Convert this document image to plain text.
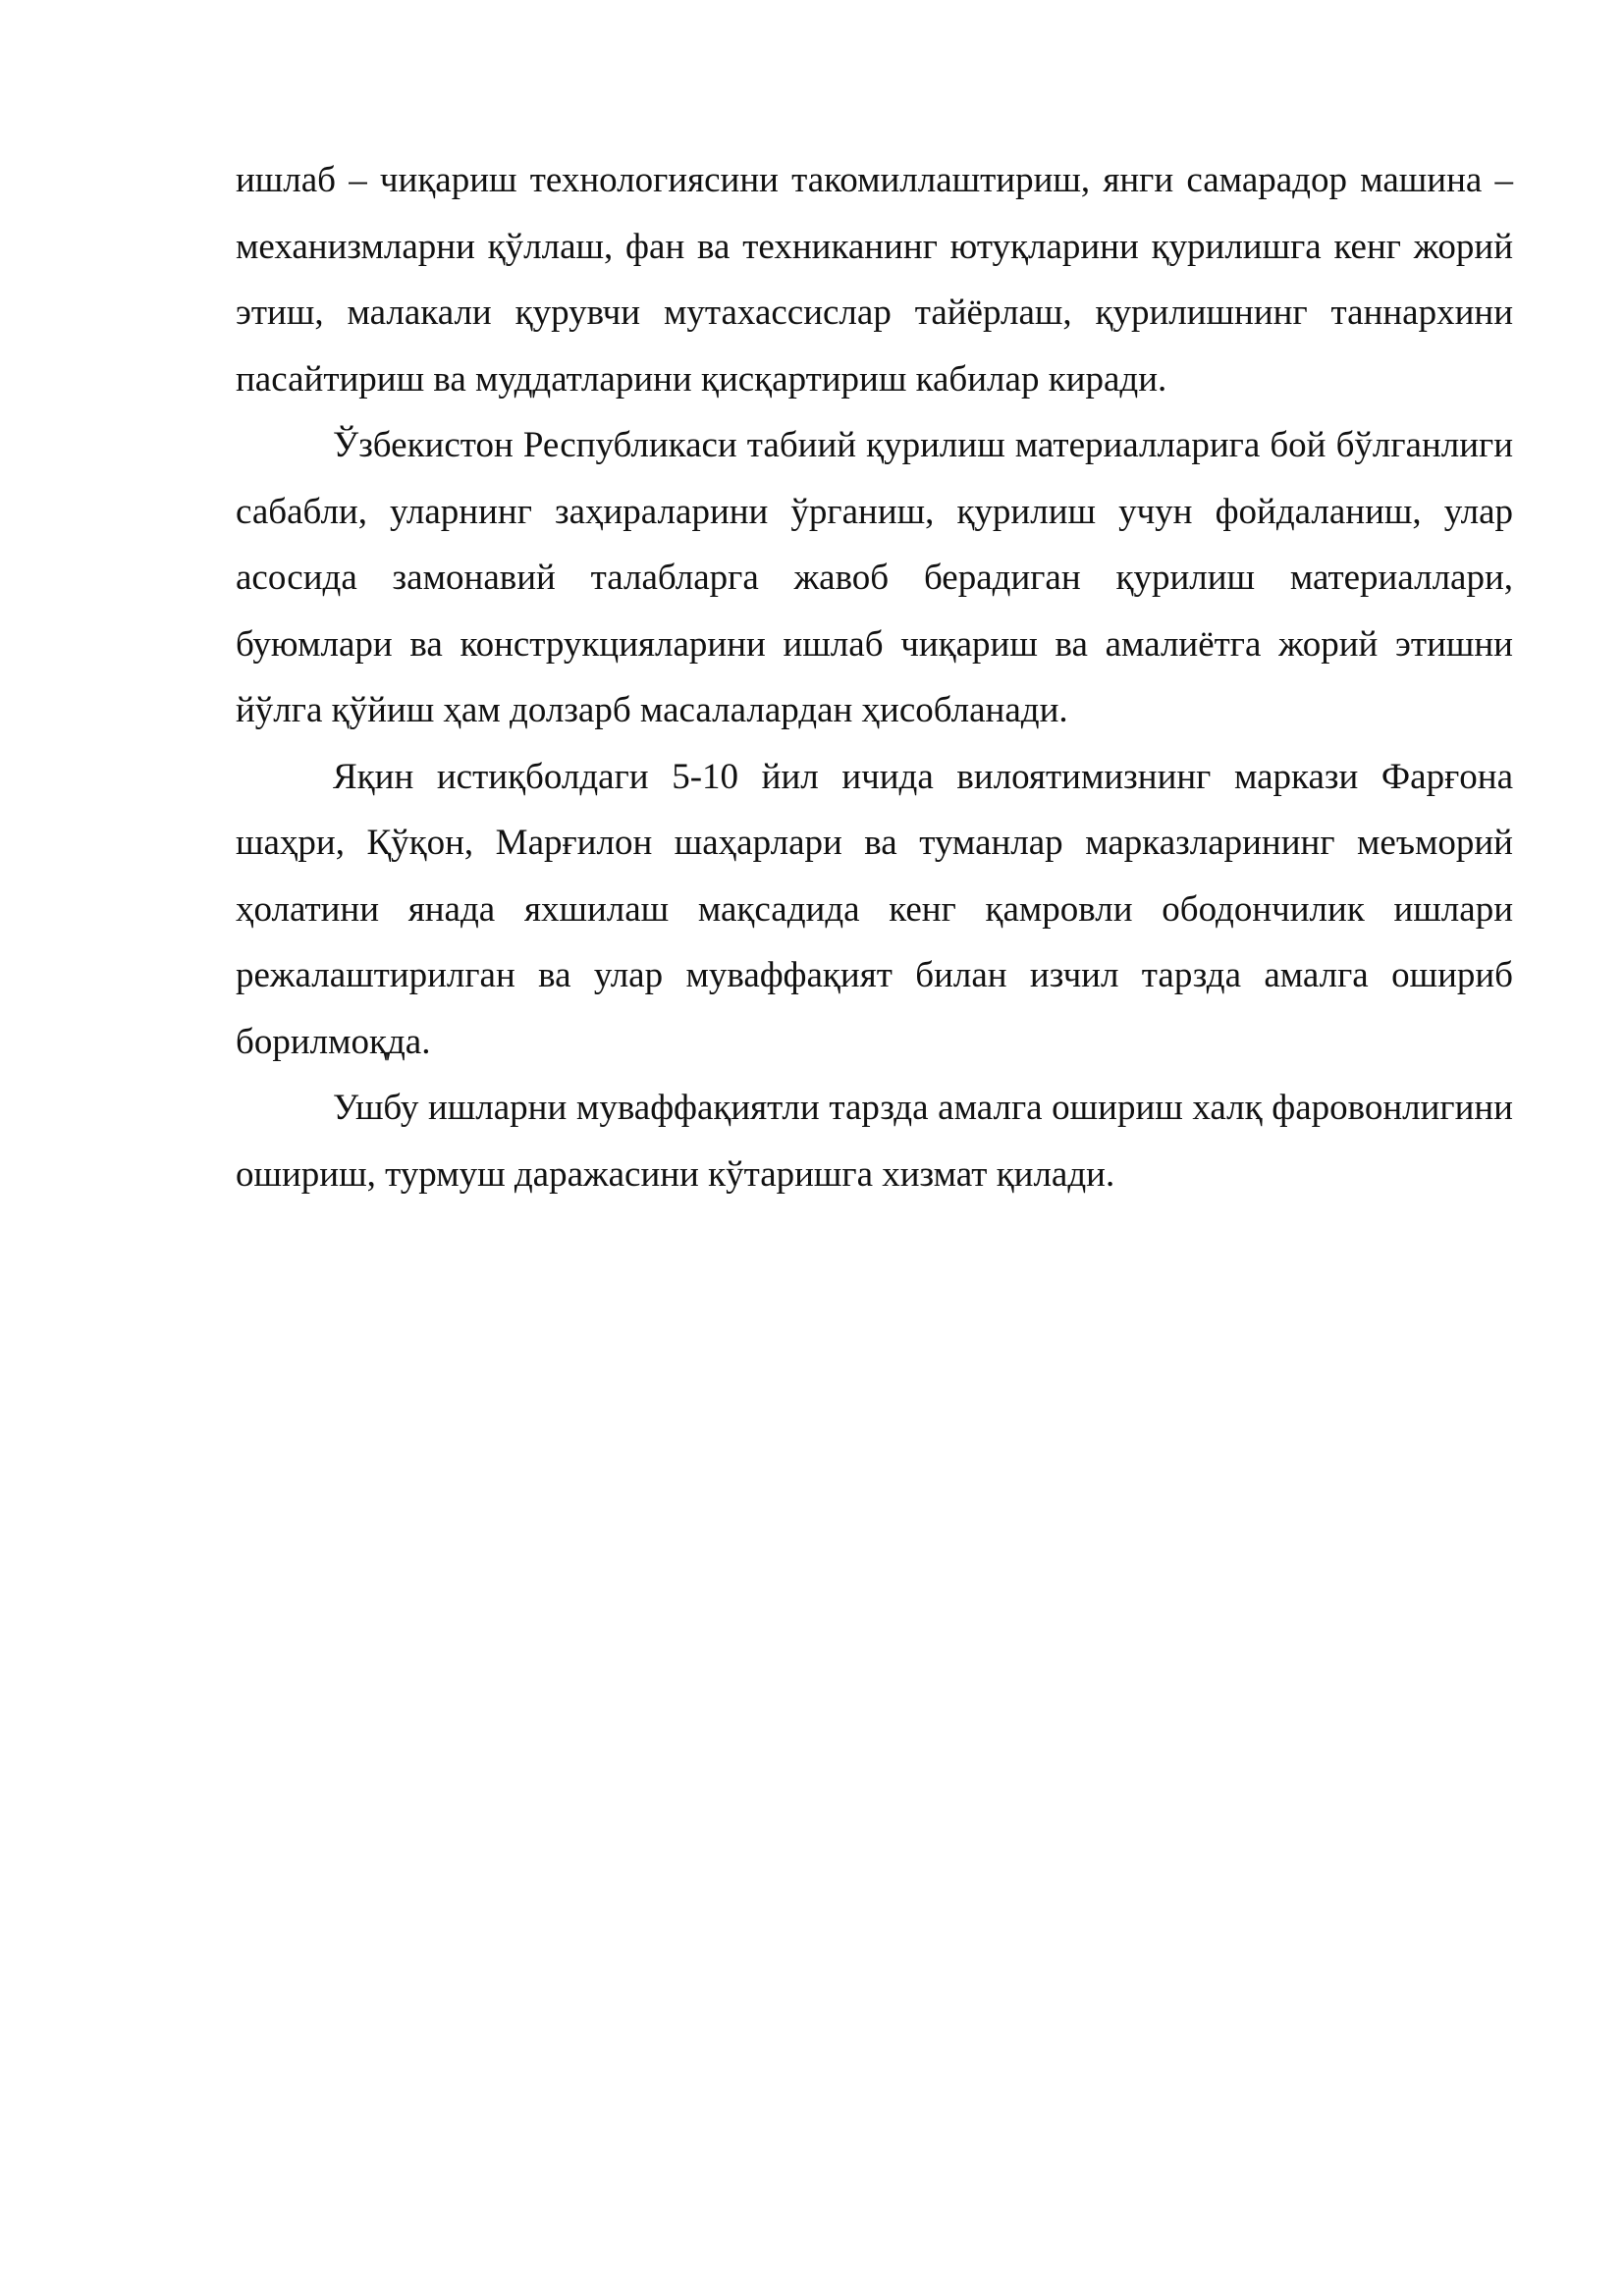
ишлаб – чиқариш технологиясини такомиллаштириш, янги самарадор машина – механизмларни қўллаш, фан ва техниканинг ютуқларини қурилишга кенг жорий этиш, малакали қурувчи мутахассислар тайёрлаш, қурилишнинг таннархини пасайтириш ва муддатларини қисқартириш кабилар киради.

Ўзбекистон Республикаси табиий қурилиш материалларига бой бўлганлиги сабабли, уларнинг заҳираларини ўрганиш, қурилиш учун фойдаланиш, улар асосида замонавий талабларга жавоб берадиган қурилиш материаллари, буюмлари ва конструкцияларини ишлаб чиқариш ва амалиётга жорий этишни йўлга қўйиш ҳам долзарб масалалардан ҳисобланади.

Яқин истиқболдаги 5-10 йил ичида вилоятимизнинг маркази Фарғона шаҳри, Қўқон, Марғилон шаҳарлари ва туманлар марказларининг меъморий ҳолатини янада яхшилаш мақсадида кенг қамровли ободончилик ишлари режалаштирилган ва улар муваффақият билан изчил тарзда амалга ошириб борилмоқда.

Ушбу ишларни муваффақиятли тарзда амалга ошириш халқ фаровонлигини ошириш, турмуш даражасини кўтаришга хизмат қилади.
